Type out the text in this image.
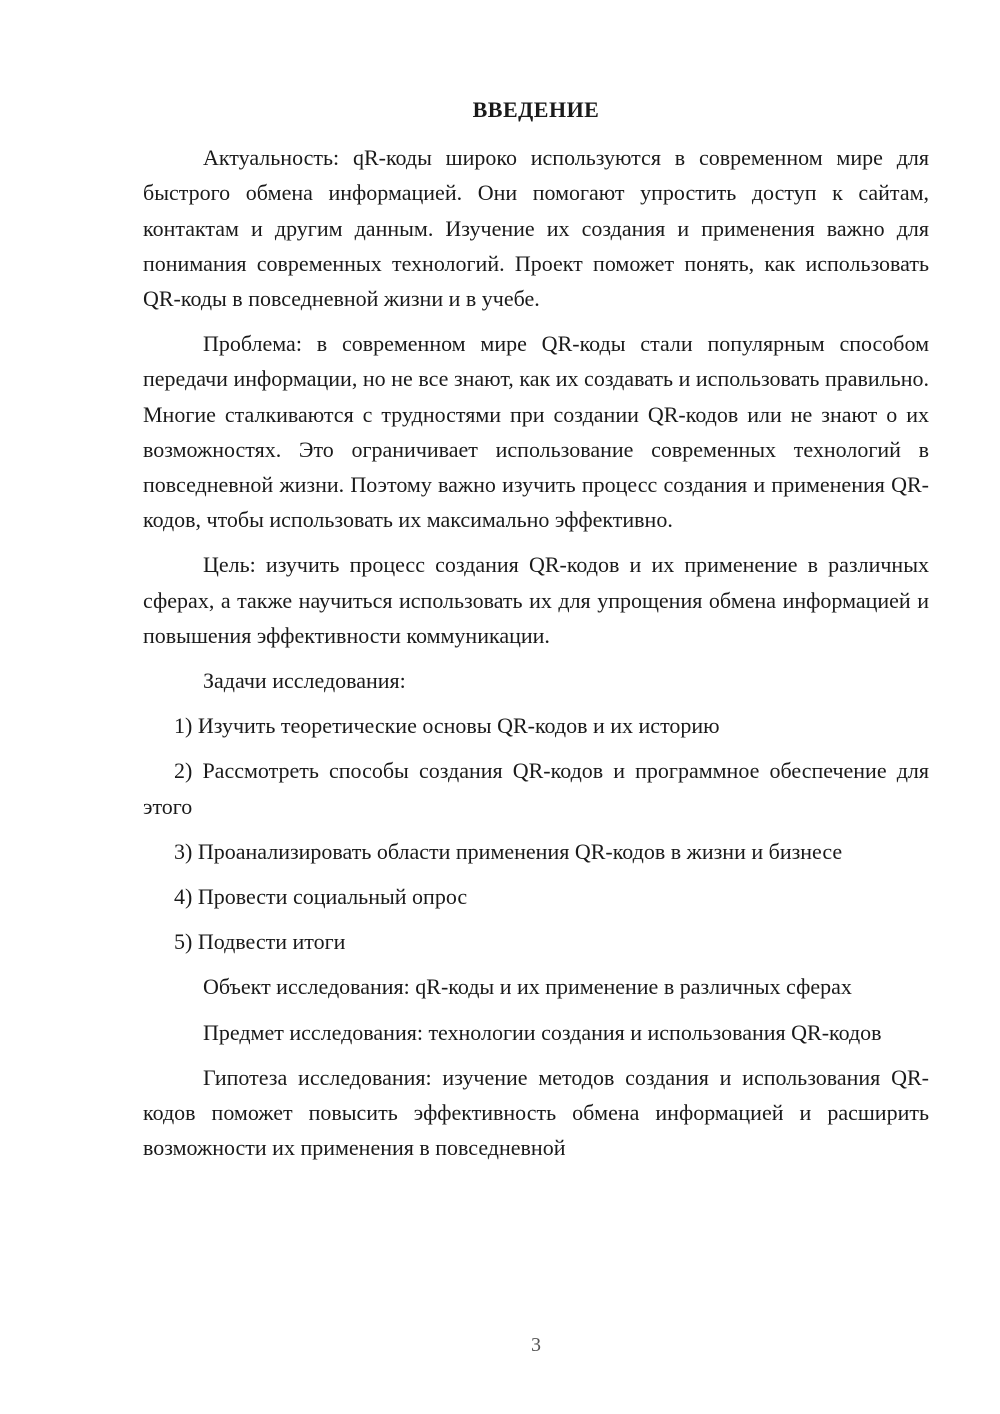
ВВЕДЕНИЕ

Актуальность: qR-коды широко используются в современном мире для быстрого обмена информацией. Они помогают упростить доступ к сайтам, контактам и другим данным. Изучение их создания и применения важно для понимания современных технологий. Проект поможет понять, как использовать QR-коды в повседневной жизни и в учебе.

Проблема: в современном мире QR-коды стали популярным способом передачи информации, но не все знают, как их создавать и использовать правильно. Многие сталкиваются с трудностями при создании QR-кодов или не знают о их возможностях. Это ограничивает использование современных технологий в повседневной жизни. Поэтому важно изучить процесс создания и применения QR-кодов, чтобы использовать их максимально эффективно.

Цель: изучить процесс создания QR-кодов и их применение в различных сферах, а также научиться использовать их для упрощения обмена информацией и повышения эффективности коммуникации.

Задачи исследования:

1) Изучить теоретические основы QR-кодов и их историю

2) Рассмотреть способы создания QR-кодов и программное обеспечение для этого

3) Проанализировать области применения QR-кодов в жизни и бизнесе

4) Провести социальный опрос

5) Подвести итоги

Объект исследования: qR-коды и их применение в различных сферах

Предмет исследования: технологии создания и использования QR-кодов

Гипотеза исследования: изучение методов создания и использования QR-кодов поможет повысить эффективность обмена информацией и расширить возможности их применения в повседневной

3
